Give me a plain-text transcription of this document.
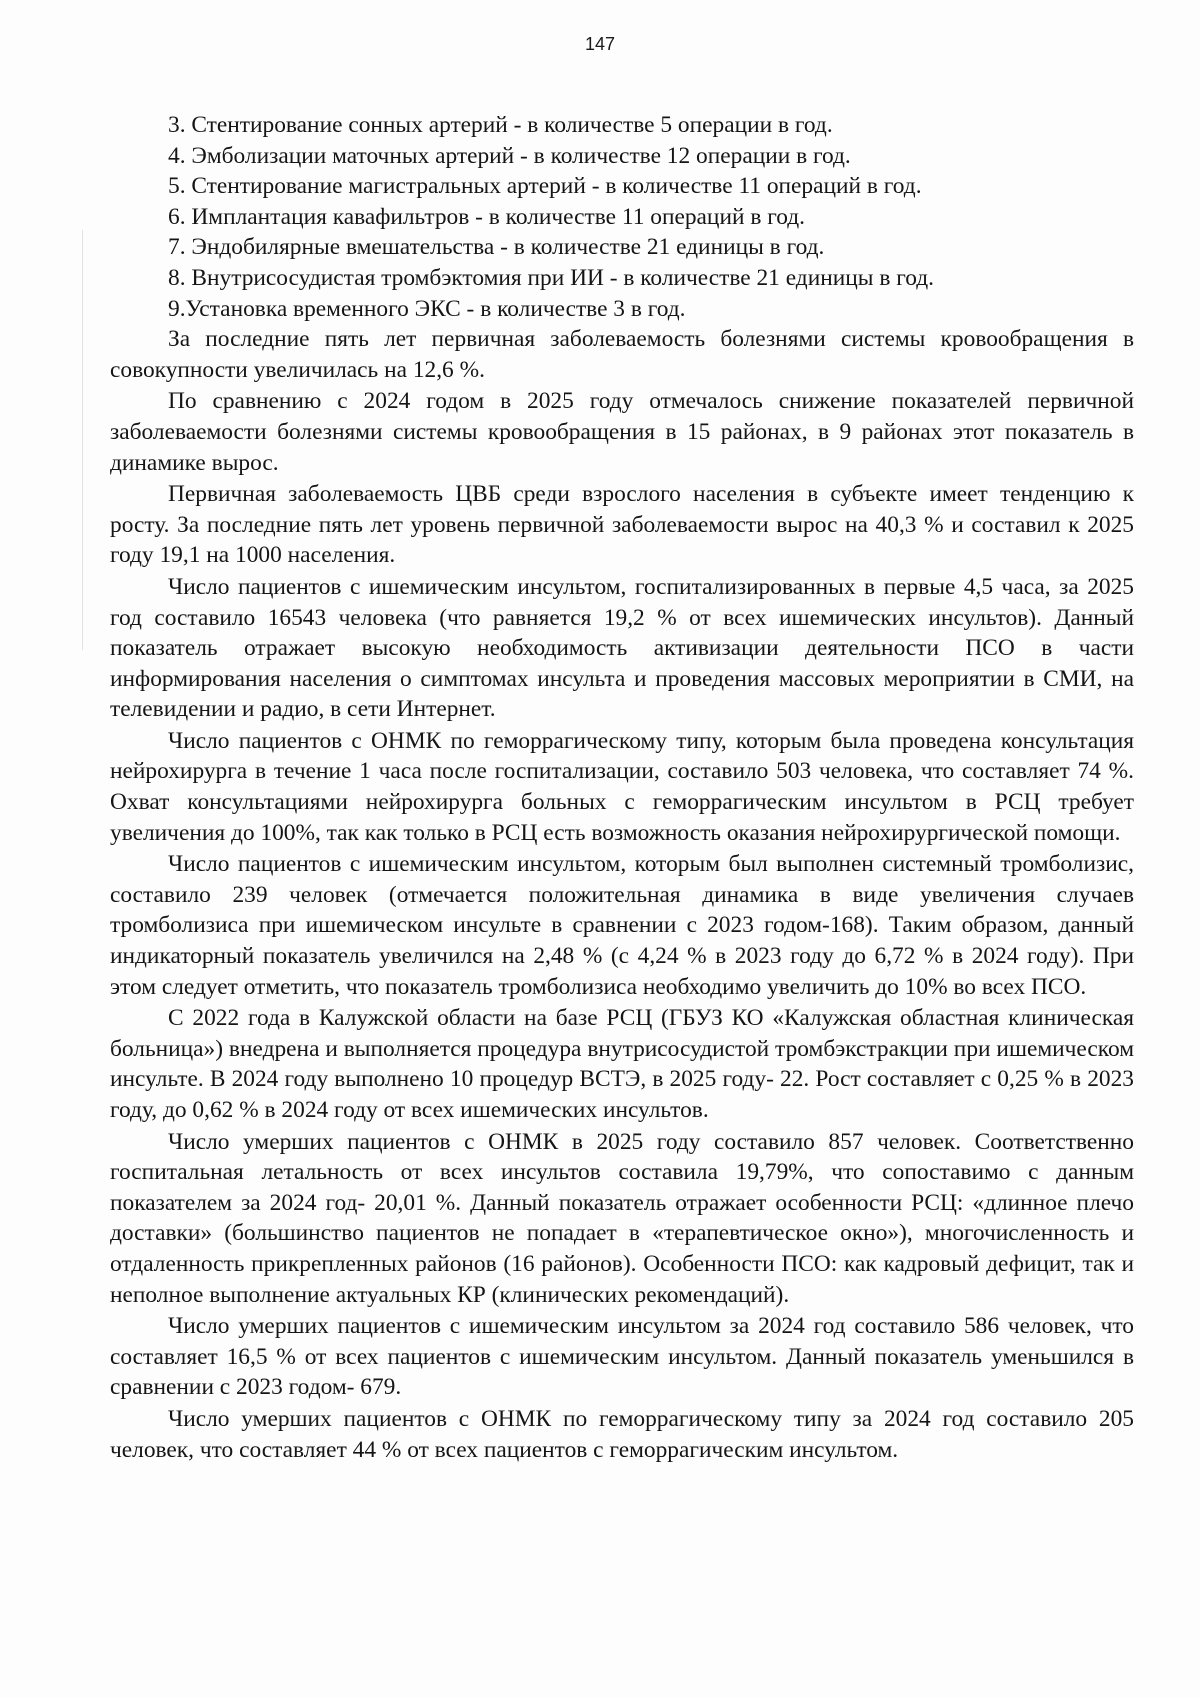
147

3. Стентирование сонных артерий - в количестве 5 операции в год.

4. Эмболизации маточных артерий - в количестве 12 операции в год.

5. Стентирование магистральных артерий - в количестве 11 операций в год.

6. Имплантация кавафильтров - в количестве 11 операций в год.

7. Эндобилярные вмешательства - в количестве 21 единицы в год.

8. Внутрисосудистая тромбэктомия при ИИ - в количестве 21 единицы в год.

9.Установка временного ЭКС - в количестве 3 в год.

За последние пять лет первичная заболеваемость болезнями системы кровообращения в совокупности увеличилась на 12,6 %.

По сравнению с 2024 годом в 2025 году отмечалось снижение показателей первичной заболеваемости болезнями системы кровообращения в 15 районах, в 9 районах этот показатель в динамике вырос.

Первичная заболеваемость ЦВБ среди взрослого населения в субъекте имеет тенденцию к росту. За последние пять лет уровень первичной заболеваемости вырос на 40,3 % и составил к 2025 году 19,1 на 1000 населения.

Число пациентов с ишемическим инсультом, госпитализированных в первые 4,5 часа, за 2025 год составило 16543 человека (что равняется 19,2 % от всех ишемических инсультов). Данный показатель отражает высокую необходимость активизации деятельности ПСО в части информирования населения о симптомах инсульта и проведения массовых мероприятии в СМИ, на телевидении и радио, в сети Интернет.

Число пациентов с ОНМК по геморрагическому типу, которым была проведена консультация нейрохирурга в течение 1 часа после госпитализации, составило 503 человека, что составляет 74 %. Охват консультациями нейрохирурга больных с геморрагическим инсультом в РСЦ требует увеличения до 100%, так как только в РСЦ есть возможность оказания нейрохирургической помощи.

Число пациентов с ишемическим инсультом, которым был выполнен системный тромболизис, составило 239 человек (отмечается положительная динамика в виде увеличения случаев тромболизиса при ишемическом инсульте в сравнении с 2023 годом-168). Таким образом, данный индикаторный показатель увеличился на 2,48 % (с 4,24 % в 2023 году до 6,72 % в 2024 году). При этом следует отметить, что показатель тромболизиса необходимо увеличить до 10% во всех ПСО.

С 2022 года в Калужской области на базе РСЦ (ГБУЗ КО «Калужская областная клиническая больница») внедрена и выполняется процедура внутрисосудистой тромбэкстракции при ишемическом инсульте. В 2024 году выполнено 10 процедур ВСТЭ, в 2025 году- 22. Рост составляет с 0,25 % в 2023 году, до 0,62 % в 2024 году от всех ишемических инсультов.

Число умерших пациентов с ОНМК в 2025 году составило 857 человек. Соответственно госпитальная летальность от всех инсультов составила 19,79%, что сопоставимо с данным показателем за 2024 год- 20,01 %. Данный показатель отражает особенности РСЦ: «длинное плечо доставки» (большинство пациентов не попадает в «терапевтическое окно»), многочисленность и отдаленность прикрепленных районов (16 районов). Особенности ПСО: как кадровый дефицит, так и неполное выполнение актуальных КР (клинических рекомендаций).

Число умерших пациентов с ишемическим инсультом за 2024 год составило 586 человек, что составляет 16,5 % от всех пациентов с ишемическим инсультом. Данный показатель уменьшился в сравнении с 2023 годом- 679.

Число умерших пациентов с ОНМК по геморрагическому типу за 2024 год составило 205 человек, что составляет 44 % от всех пациентов с геморрагическим инсультом.
